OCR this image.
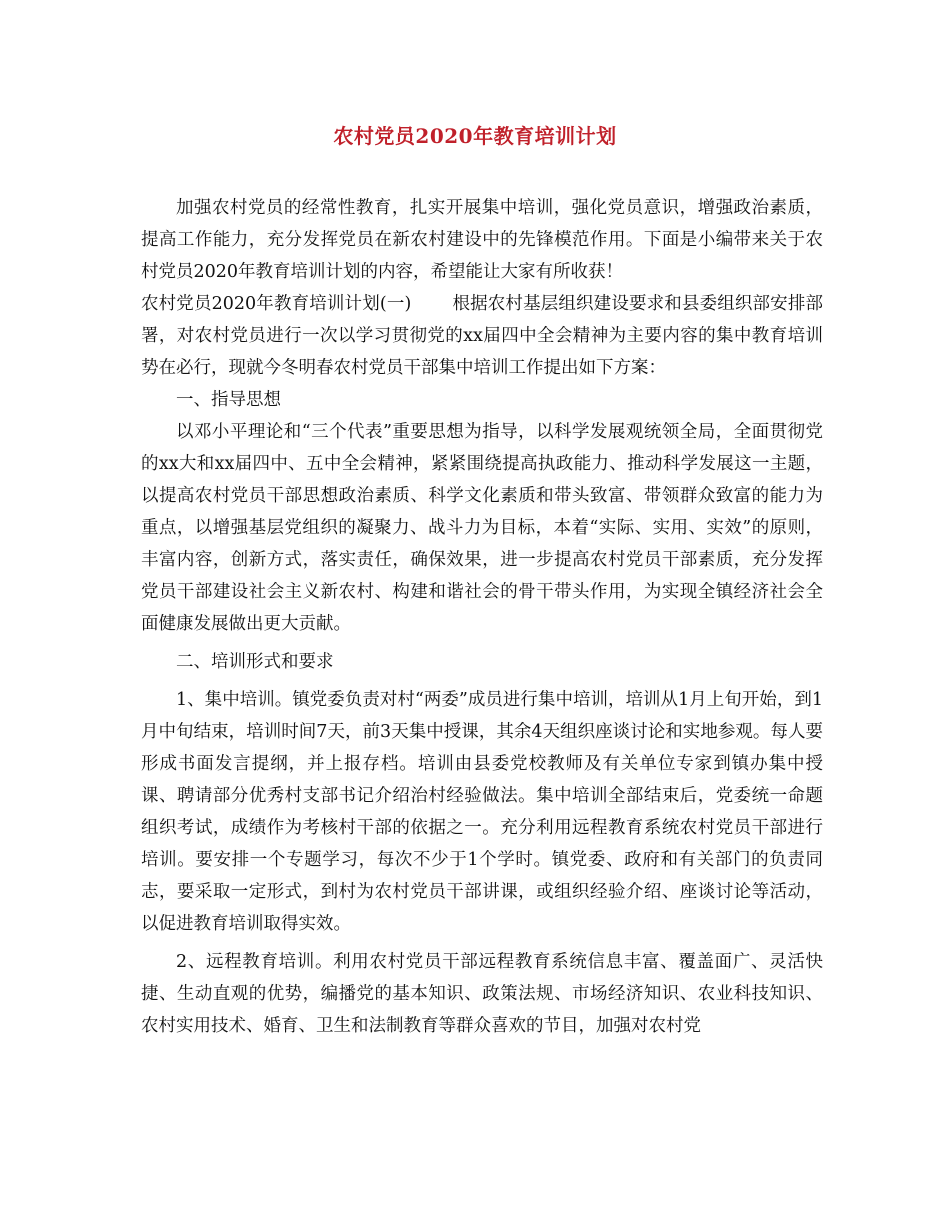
农村党员2020年教育培训计划

加强农村党员的经常性教育，扎实开展集中培训，强化党员意识，增强政治素质，提高工作能力，充分发挥党员在新农村建设中的先锋模范作用。下面是小编带来关于农村党员2020年教育培训计划的内容，希望能让大家有所收获！

农村党员2020年教育培训计划(一)　　 根据农村基层组织建设要求和县委组织部安排部署，对农村党员进行一次以学习贯彻党的xx届四中全会精神为主要内容的集中教育培训势在必行，现就今冬明春农村党员干部集中培训工作提出如下方案：

一、指导思想

以邓小平理论和“三个代表”重要思想为指导，以科学发展观统领全局，全面贯彻党的xx大和xx届四中、五中全会精神，紧紧围绕提高执政能力、推动科学发展这一主题，以提高农村党员干部思想政治素质、科学文化素质和带头致富、带领群众致富的能力为重点，以增强基层党组织的凝聚力、战斗力为目标，本着“实际、实用、实效”的原则，丰富内容，创新方式，落实责任，确保效果，进一步提高农村党员干部素质，充分发挥党员干部建设社会主义新农村、构建和谐社会的骨干带头作用，为实现全镇经济社会全面健康发展做出更大贡献。

二、培训形式和要求

1、集中培训。镇党委负责对村“两委”成员进行集中培训，培训从1月上旬开始，到1月中旬结束，培训时间7天，前3天集中授课，其余4天组织座谈讨论和实地参观。每人要形成书面发言提纲，并上报存档。培训由县委党校教师及有关单位专家到镇办集中授课、聘请部分优秀村支部书记介绍治村经验做法。集中培训全部结束后，党委统一命题组织考试，成绩作为考核村干部的依据之一。充分利用远程教育系统农村党员干部进行培训。要安排一个专题学习，每次不少于1个学时。镇党委、政府和有关部门的负责同志，要采取一定形式，到村为农村党员干部讲课，或组织经验介绍、座谈讨论等活动，以促进教育培训取得实效。

2、远程教育培训。利用农村党员干部远程教育系统信息丰富、覆盖面广、灵活快捷、生动直观的优势，编播党的基本知识、政策法规、市场经济知识、农业科技知识、农村实用技术、婚育、卫生和法制教育等群众喜欢的节目，加强对农村党
